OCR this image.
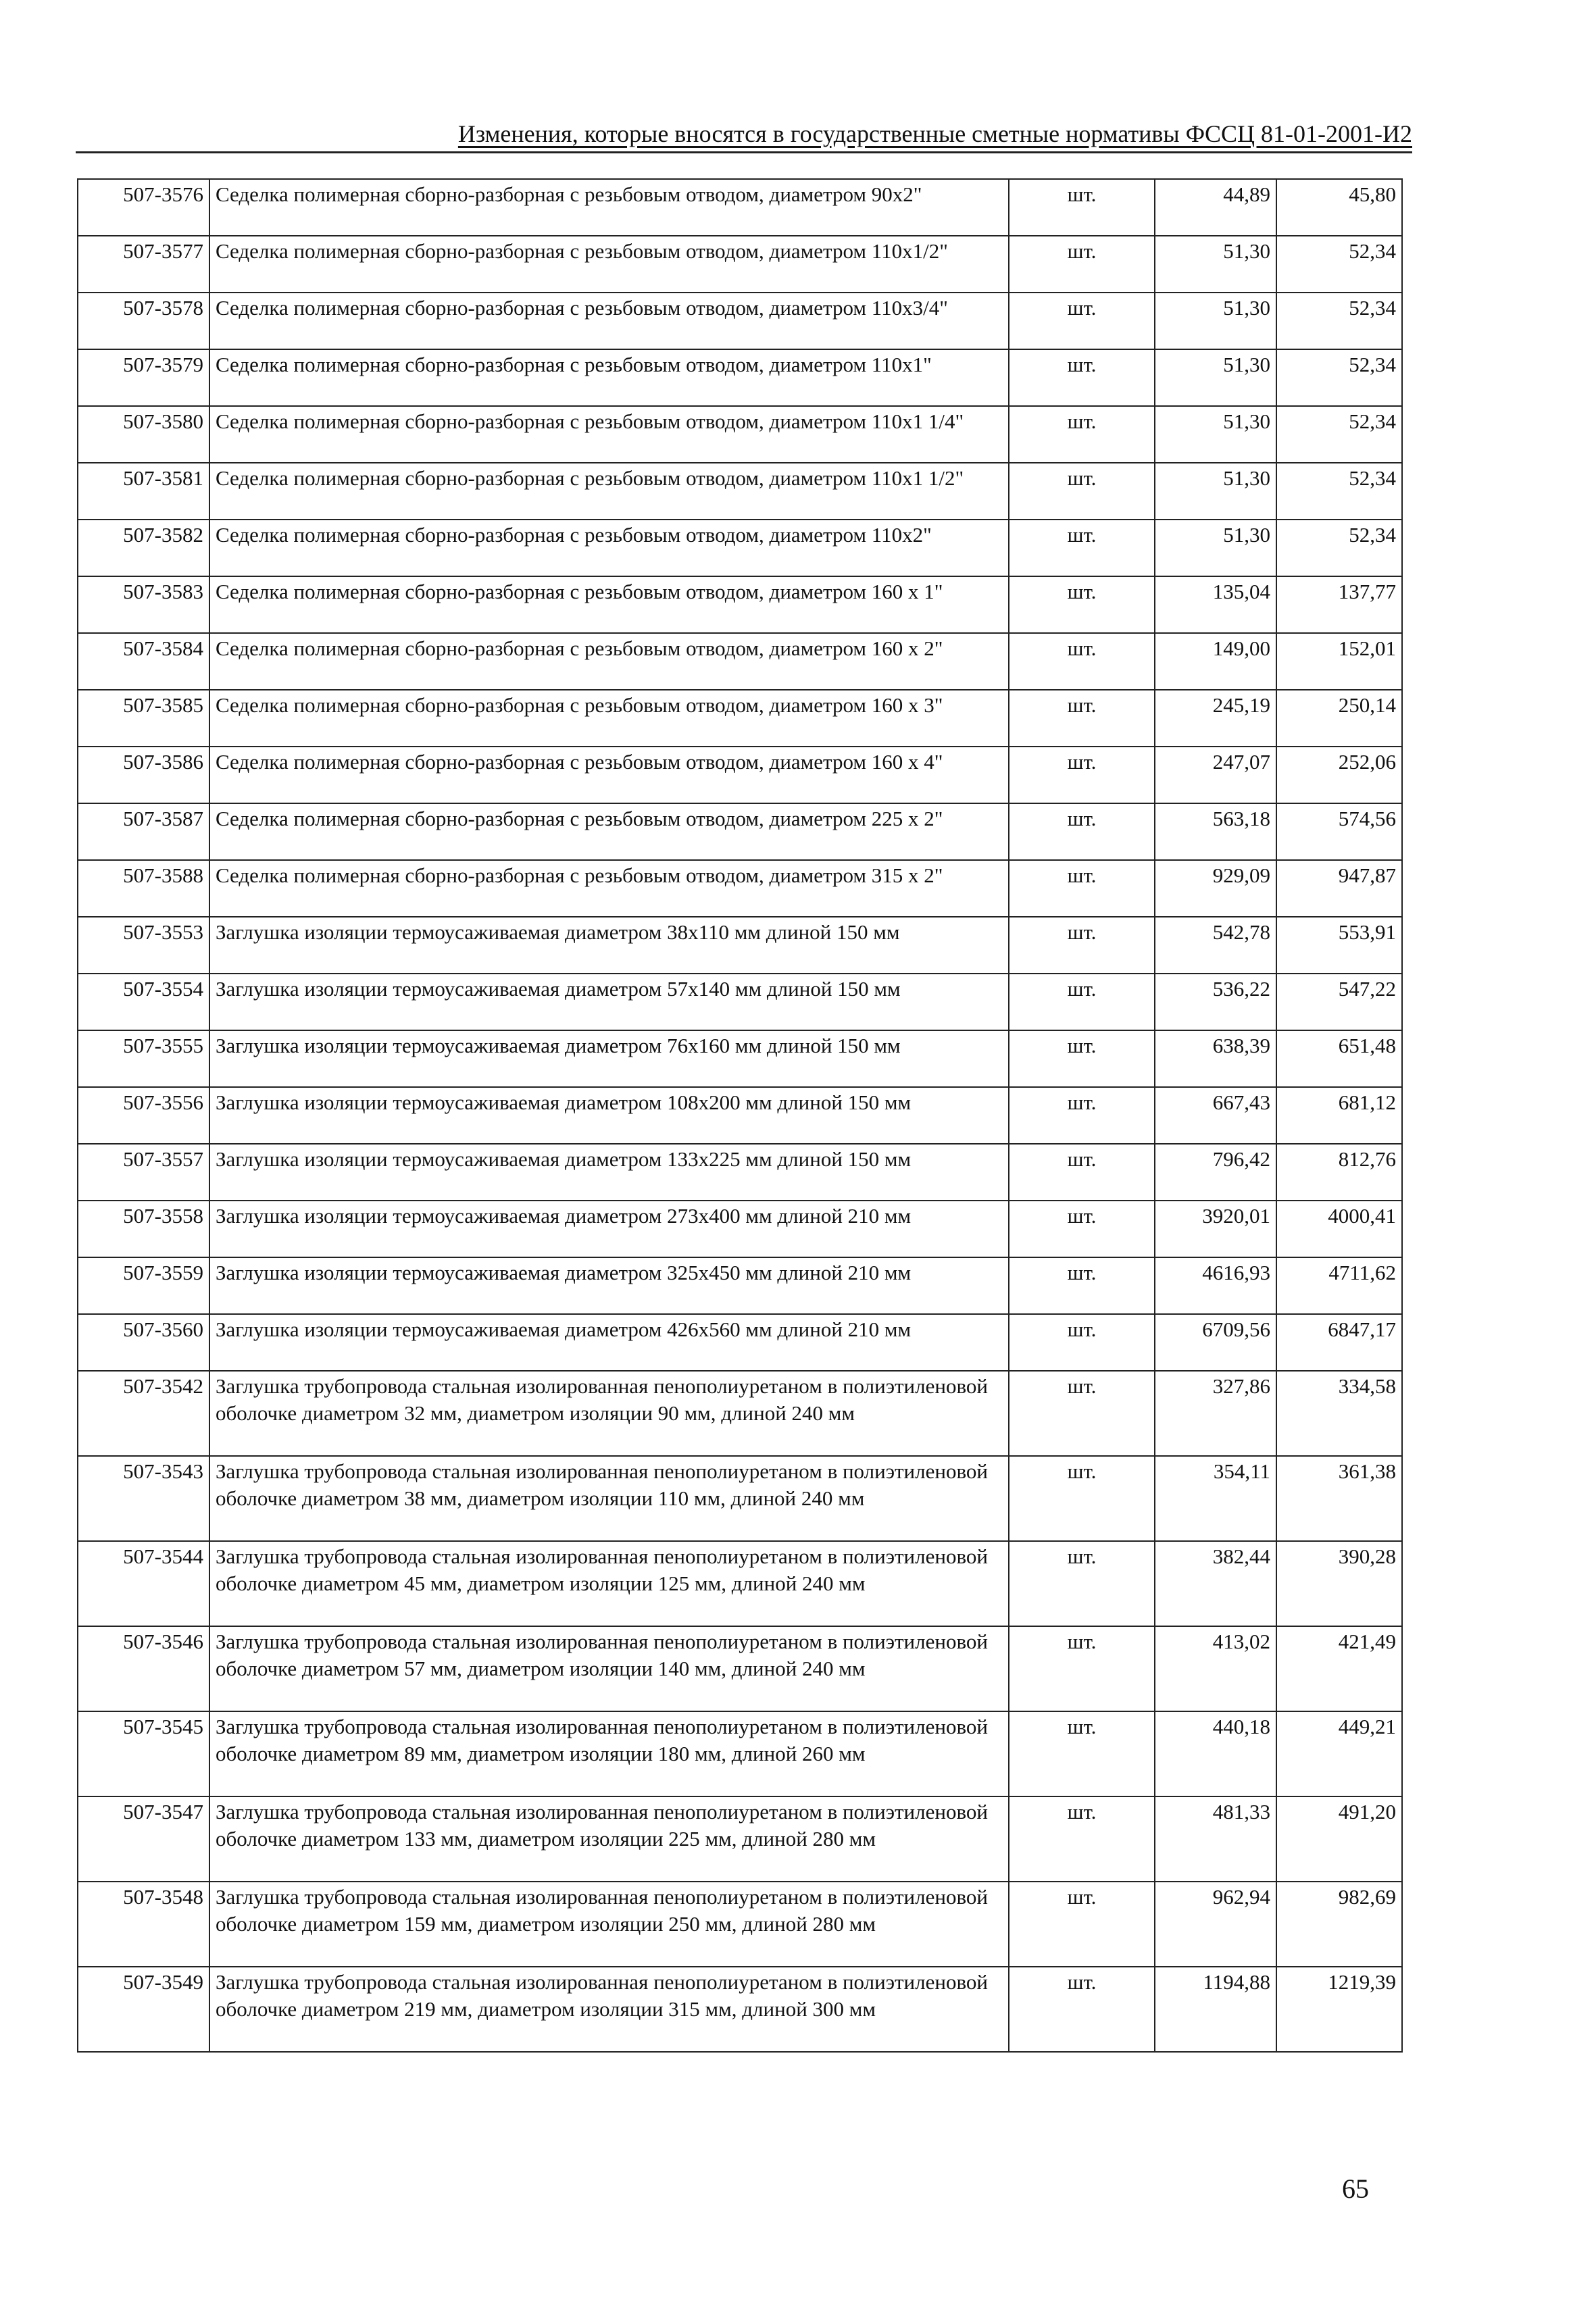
Изменения, которые вносятся в государственные сметные нормативы ФССЦ 81-01-2001-И2
507-3576	Седелка полимерная сборно-разборная с резьбовым отводом, диаметром 90х2"	шт.	44,89	45,80
507-3577	Седелка полимерная сборно-разборная с резьбовым отводом, диаметром 110х1/2"	шт.	51,30	52,34
507-3578	Седелка полимерная сборно-разборная с резьбовым отводом, диаметром 110х3/4"	шт.	51,30	52,34
507-3579	Седелка полимерная сборно-разборная с резьбовым отводом, диаметром 110х1"	шт.	51,30	52,34
507-3580	Седелка полимерная сборно-разборная с резьбовым отводом, диаметром 110х1 1/4"	шт.	51,30	52,34
507-3581	Седелка полимерная сборно-разборная с резьбовым отводом, диаметром 110х1 1/2"	шт.	51,30	52,34
507-3582	Седелка полимерная сборно-разборная с резьбовым отводом, диаметром 110х2"	шт.	51,30	52,34
507-3583	Седелка полимерная сборно-разборная с резьбовым отводом, диаметром 160 х 1"	шт.	135,04	137,77
507-3584	Седелка полимерная сборно-разборная с резьбовым отводом, диаметром 160 х 2"	шт.	149,00	152,01
507-3585	Седелка полимерная сборно-разборная с резьбовым отводом, диаметром 160 х 3"	шт.	245,19	250,14
507-3586	Седелка полимерная сборно-разборная с резьбовым отводом, диаметром 160 х 4"	шт.	247,07	252,06
507-3587	Седелка полимерная сборно-разборная с резьбовым отводом, диаметром 225 х 2"	шт.	563,18	574,56
507-3588	Седелка полимерная сборно-разборная с резьбовым отводом, диаметром 315 х 2"	шт.	929,09	947,87
507-3553	Заглушка изоляции термоусаживаемая диаметром 38х110 мм длиной 150 мм	шт.	542,78	553,91
507-3554	Заглушка изоляции термоусаживаемая диаметром 57х140 мм длиной 150 мм	шт.	536,22	547,22
507-3555	Заглушка изоляции термоусаживаемая диаметром 76х160 мм длиной 150 мм	шт.	638,39	651,48
507-3556	Заглушка изоляции термоусаживаемая диаметром 108х200 мм длиной 150 мм	шт.	667,43	681,12
507-3557	Заглушка изоляции термоусаживаемая диаметром 133х225 мм длиной 150 мм	шт.	796,42	812,76
507-3558	Заглушка изоляции термоусаживаемая диаметром 273х400 мм длиной 210 мм	шт.	3920,01	4000,41
507-3559	Заглушка изоляции термоусаживаемая диаметром 325х450 мм длиной 210 мм	шт.	4616,93	4711,62
507-3560	Заглушка изоляции термоусаживаемая диаметром 426х560 мм длиной 210 мм	шт.	6709,56	6847,17
507-3542	Заглушка трубопровода стальная изолированная пенополиуретаном в полиэтиленовой оболочке диаметром 32 мм, диаметром изоляции 90 мм, длиной 240 мм	шт.	327,86	334,58
507-3543	Заглушка трубопровода стальная изолированная пенополиуретаном в полиэтиленовой оболочке диаметром 38 мм, диаметром изоляции 110 мм, длиной 240 мм	шт.	354,11	361,38
507-3544	Заглушка трубопровода стальная изолированная пенополиуретаном в полиэтиленовой оболочке диаметром 45 мм, диаметром изоляции 125 мм, длиной 240 мм	шт.	382,44	390,28
507-3546	Заглушка трубопровода стальная изолированная пенополиуретаном в полиэтиленовой оболочке диаметром 57 мм, диаметром изоляции 140 мм, длиной 240 мм	шт.	413,02	421,49
507-3545	Заглушка трубопровода стальная изолированная пенополиуретаном в полиэтиленовой оболочке диаметром 89 мм, диаметром изоляции 180 мм, длиной 260 мм	шт.	440,18	449,21
507-3547	Заглушка трубопровода стальная изолированная пенополиуретаном в полиэтиленовой оболочке диаметром 133 мм, диаметром изоляции 225 мм, длиной 280 мм	шт.	481,33	491,20
507-3548	Заглушка трубопровода стальная изолированная пенополиуретаном в полиэтиленовой оболочке диаметром 159 мм, диаметром изоляции 250 мм, длиной 280 мм	шт.	962,94	982,69
507-3549	Заглушка трубопровода стальная изолированная пенополиуретаном в полиэтиленовой оболочке диаметром 219 мм, диаметром изоляции 315 мм, длиной 300 мм	шт.	1194,88	1219,39
65
